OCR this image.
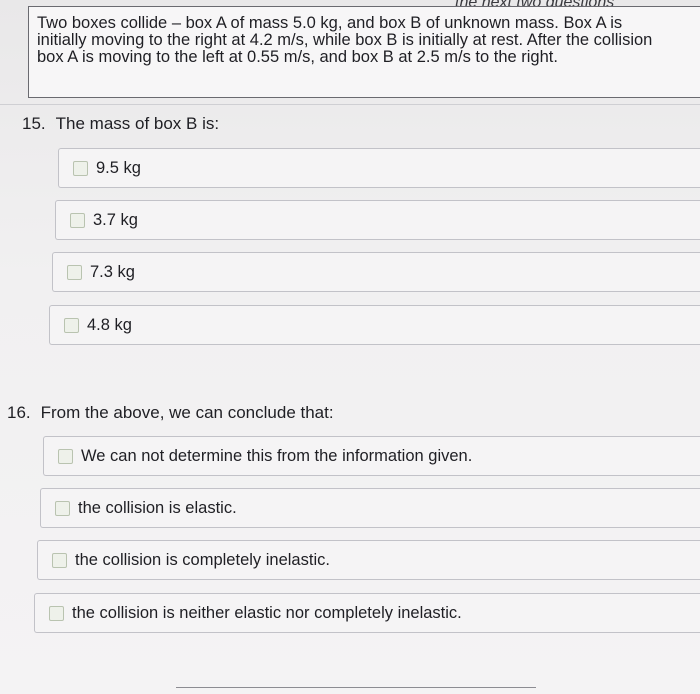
Two boxes collide – box A of mass 5.0 kg, and box B of unknown mass. Box A is
initially moving to the right at 4.2 m/s, while box B is initially at rest. After the collision
box A is moving to the left at 0.55 m/s, and box B at 2.5 m/s to the right.

15. The mass of box B is:
9.5 kg
3.7 kg
7.3 kg
4.8 kg
16. From the above, we can conclude that:
We can not determine this from the information given.
the collision is elastic.
the collision is completely inelastic.
the collision is neither elastic nor completely inelastic.
